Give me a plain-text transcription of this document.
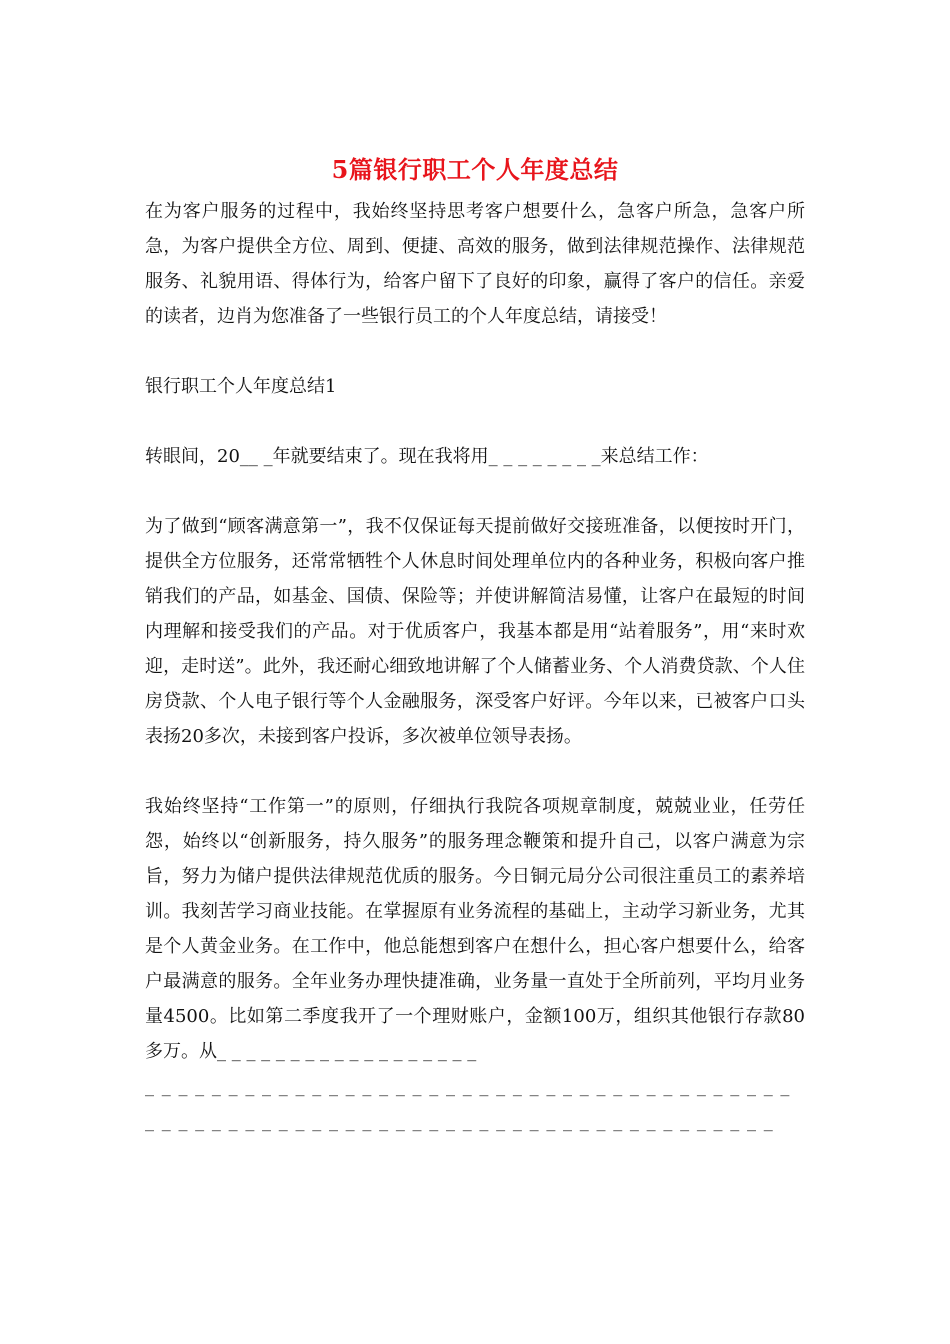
5篇银行职工个人年度总结

在为客户服务的过程中，我始终坚持思考客户想要什么，急客户所急，急客户所急，为客户提供全方位、周到、便捷、高效的服务，做到法律规范操作、法律规范服务、礼貌用语、得体行为，给客户留下了良好的印象，赢得了客户的信任。亲爱的读者，边肖为您准备了一些银行员工的个人年度总结，请接受！

银行职工个人年度总结1

转眼间，20__ _年就要结束了。现在我将用_ _ _ _ _ _ _ _来总结工作：

为了做到“顾客满意第一”，我不仅保证每天提前做好交接班准备，以便按时开门，提供全方位服务，还常常牺牲个人休息时间处理单位内的各种业务，积极向客户推销我们的产品，如基金、国债、保险等；并使讲解简洁易懂，让客户在最短的时间内理解和接受我们的产品。对于优质客户，我基本都是用“站着服务”，用“来时欢迎，走时送”。此外，我还耐心细致地讲解了个人储蓄业务、个人消费贷款、个人住房贷款、个人电子银行等个人金融服务，深受客户好评。今年以来，已被客户口头表扬20多次，未接到客户投诉，多次被单位领导表扬。

我始终坚持“工作第一”的原则，仔细执行我院各项规章制度，兢兢业业，任劳任怨，始终以“创新服务，持久服务”的服务理念鞭策和提升自己，以客户满意为宗旨，努力为储户提供法律规范优质的服务。今日铜元局分公司很注重员工的素养培训。我刻苦学习商业技能。在掌握原有业务流程的基础上，主动学习新业务，尤其是个人黄金业务。在工作中，他总能想到客户在想什么，担心客户想要什么，给客户最满意的服务。全年业务办理快捷准确，业务量一直处于全所前列，平均月业务量4500。比如第二季度我开了一个理财账户，金额100万，组织其他银行存款80多万。从_ _ _ _ _ _ _ _ _ _ _ _ _ _ _ _ _ _

_ _ _ _ _ _ _ _ _ _ _ _ _ _ _ _ _ _ _ _ _ _ _ _ _ _ _ _ _ _ _ _ _ _ _ _ _ _ _

_ _ _ _ _ _ _ _ _ _ _ _ _ _ _ _ _ _ _ _ _ _ _ _ _ _ _ _ _ _ _ _ _ _ _ _ _ _
